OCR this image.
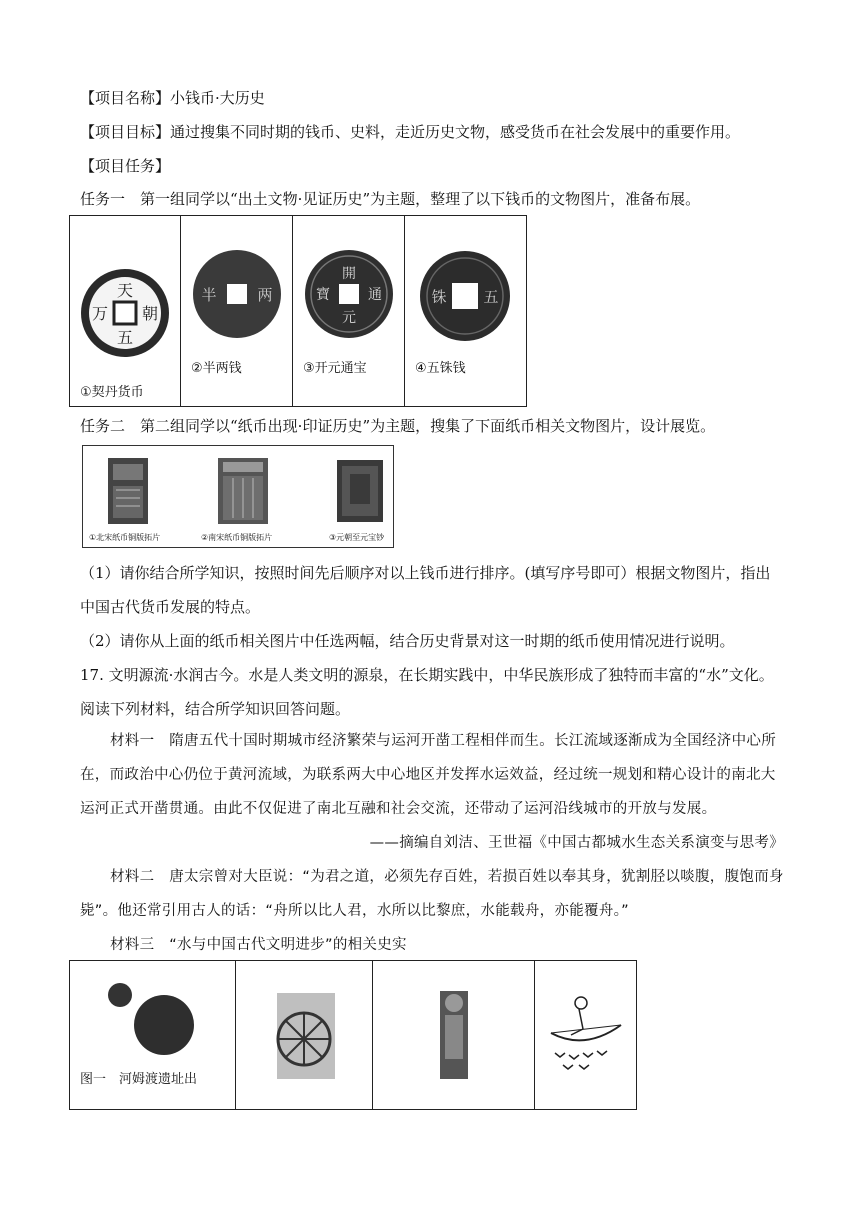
【项目名称】小钱币·大历史
【项目目标】通过搜集不同时期的钱币、史料，走近历史文物，感受货币在社会发展中的重要作用。
【项目任务】
任务一　第一组同学以“出土文物·见证历史”为主题，整理了以下钱币的文物图片，准备布展。
天
朝
万
五
①契丹货币

半	两
②半两钱

開
通
元
寶
③开元通宝

五
铢
④五铢钱
任务二　第二组同学以“纸币出现·印证历史”为主题，搜集了下面纸币相关文物图片，设计展览。
①北宋纸币铜版拓片	②南宋纸币铜版拓片	③元朝至元宝钞
（1）请你结合所学知识，按照时间先后顺序对以上钱币进行排序。(填写序号即可）根据文物图片，指出
中国古代货币发展的特点。
（2）请你从上面的纸币相关图片中任选两幅，结合历史背景对这一时期的纸币使用情况进行说明。
17. 文明源流·水润古今。水是人类文明的源泉，在长期实践中，中华民族形成了独特而丰富的“水”文化。
阅读下列材料，结合所学知识回答问题。
材料一　隋唐五代十国时期城市经济繁荣与运河开凿工程相伴而生。长江流域逐渐成为全国经济中心所在，而政治中心仍位于黄河流域，为联系两大中心地区并发挥水运效益，经过统一规划和精心设计的南北大运河正式开凿贯通。由此不仅促进了南北互融和社会交流，还带动了运河沿线城市的开放与发展。
——摘编自刘洁、王世福《中国古都城水生态关系演变与思考》
材料二　唐太宗曾对大臣说：“为君之道，必须先存百姓，若损百姓以奉其身，犹割胫以啖腹，腹饱而身毙”。他还常引用古人的话：“舟所以比人君，水所以比黎庶，水能载舟，亦能覆舟。”
材料三　“水与中国古代文明进步”的相关史实
图一　河姆渡遗址出
